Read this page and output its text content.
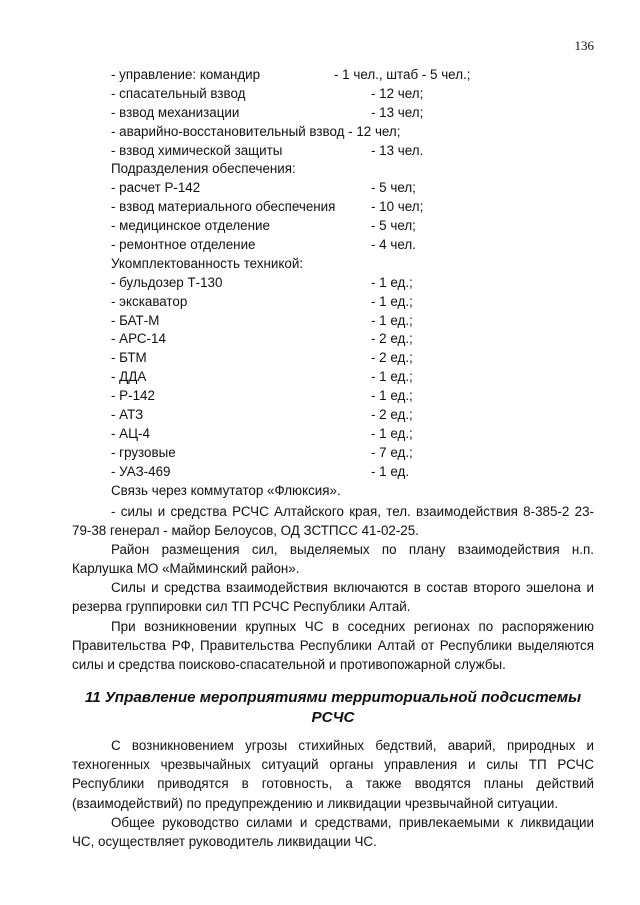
136
- управление: командир	- 1 чел., штаб - 5 чел.;
- спасательный взвод	- 12 чел;
- взвод механизации	- 13 чел;
- аварийно-восстановительный взвод - 12 чел;
- взвод химической защиты	- 13 чел.
Подразделения обеспечения:
- расчет Р-142	- 5 чел;
- взвод материального обеспечения	- 10 чел;
- медицинское отделение	- 5 чел;
- ремонтное отделение	- 4 чел.
Укомплектованность техникой:
- бульдозер Т-130	- 1 ед.;
- экскаватор	- 1 ед.;
- БАТ-М	- 1 ед.;
- АРС-14	- 2 ед.;
- БТМ	- 2 ед.;
- ДДА	- 1 ед.;
- Р-142	- 1 ед.;
- АТЗ	- 2 ед.;
- АЦ-4	- 1 ед.;
- грузовые	- 7 ед.;
- УАЗ-469	- 1 ед.
Связь через коммутатор «Флюксия».
- силы и средства РСЧС Алтайского края, тел. взаимодействия 8-385-2 23-79-38 генерал - майор Белоусов, ОД ЗСТПСС 41-02-25.
Район размещения сил, выделяемых по плану взаимодействия н.п. Карлушка МО «Майминский район».
Силы и средства взаимодействия включаются в состав второго эшелона и резерва группировки сил ТП РСЧС Республики Алтай.
При возникновении крупных ЧС в соседних регионах по распоряжению Правительства РФ, Правительства Республики Алтай от Республики выделяются силы и средства поисково-спасательной и противопожарной службы.
11 Управление мероприятиями территориальной подсистемы РСЧС
С возникновением угрозы стихийных бедствий, аварий, природных и техногенных чрезвычайных ситуаций органы управления и силы ТП РСЧС Республики приводятся в готовность, а также вводятся планы действий (взаимодействий) по предупреждению и ликвидации чрезвычайной ситуации.
Общее руководство силами и средствами, привлекаемыми к ликвидации ЧС, осуществляет руководитель ликвидации ЧС.
